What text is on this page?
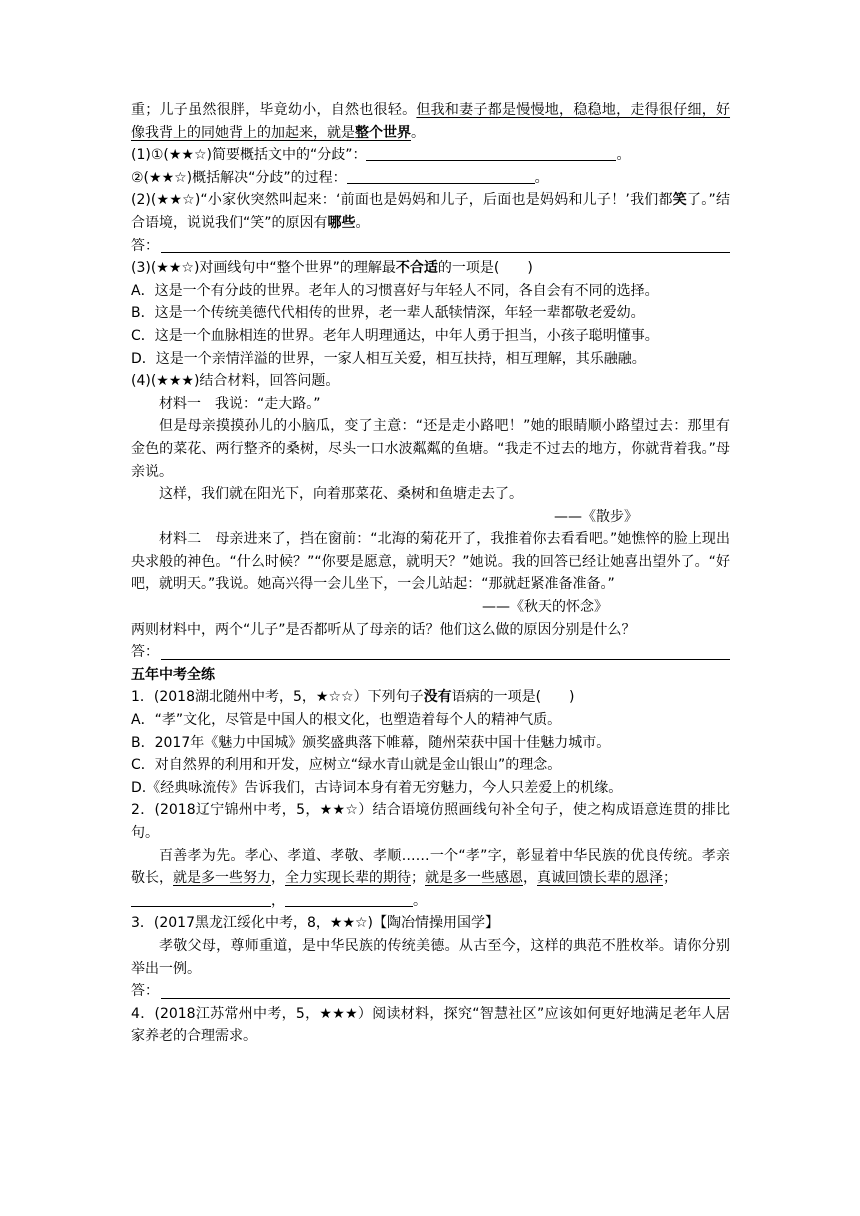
重；儿子虽然很胖，毕竟幼小，自然也很轻。但我和妻子都是慢慢地，稳稳地，走得很仔细，好像我背上的同她背上的加起来，就是整个世界。

(1)①(★★☆)简要概括文中的“分歧”：	。

②(★★☆)概括解决“分歧”的过程：	。

(2)(★★☆)“小家伙突然叫起来：‘前面也是妈妈和儿子，后面也是妈妈和儿子！’我们都笑了。”结合语境，说说我们“笑”的原因有哪些。

答：

(3)(★★☆)对画线句中“整个世界”的理解最不合适的一项是(　　)

A．这是一个有分歧的世界。老年人的习惯喜好与年轻人不同，各自会有不同的选择。

B．这是一个传统美德代代相传的世界，老一辈人舐犊情深，年轻一辈都敬老爱幼。

C．这是一个血脉相连的世界。老年人明理通达，中年人勇于担当，小孩子聪明懂事。

D．这是一个亲情洋溢的世界，一家人相互关爱，相互扶持，相互理解，其乐融融。

(4)(★★★)结合材料，回答问题。

材料一　我说：“走大路。”

但是母亲摸摸孙儿的小脑瓜，变了主意：“还是走小路吧！”她的眼睛顺小路望过去：那里有金色的菜花、两行整齐的桑树，尽头一口水波粼粼的鱼塘。“我走不过去的地方，你就背着我。”母亲说。

这样，我们就在阳光下，向着那菜花、桑树和鱼塘走去了。

——《散步》

材料二　母亲进来了，挡在窗前：“北海的菊花开了，我推着你去看看吧。”她憔悴的脸上现出央求般的神色。“什么时候？”“你要是愿意，就明天？”她说。我的回答已经让她喜出望外了。“好吧，就明天。”我说。她高兴得一会儿坐下，一会儿站起：“那就赶紧准备准备。”

——《秋天的怀念》

两则材料中，两个“儿子”是否都听从了母亲的话？他们这么做的原因分别是什么？

答：

五年中考全练

1．(2018湖北随州中考，5，★☆☆）下列句子没有语病的一项是(　　)

A．“孝”文化，尽管是中国人的根文化，也塑造着每个人的精神气质。

B．2017年《魅力中国城》颁奖盛典落下帷幕，随州荣获中国十佳魅力城市。

C．对自然界的利用和开发，应树立“绿水青山就是金山银山”的理念。

D.《经典咏流传》告诉我们，古诗词本身有着无穷魅力，今人只差爱上的机缘。

2．(2018辽宁锦州中考，5，★★☆）结合语境仿照画线句补全句子，使之构成语意连贯的排比句。

百善孝为先。孝心、孝道、孝敬、孝顺……一个“孝”字，彰显着中华民族的优良传统。孝亲敬长，就是多一些努力，全力实现长辈的期待；就是多一些感恩，真诚回馈长辈的恩泽；

，	。

3．(2017黑龙江绥化中考，8，★★☆)【陶冶情操用国学】

孝敬父母，尊师重道，是中华民族的传统美德。从古至今，这样的典范不胜枚举。请你分别举出一例。

答：

4．(2018江苏常州中考，5，★★★）阅读材料，探究“智慧社区”应该如何更好地满足老年人居家养老的合理需求。
